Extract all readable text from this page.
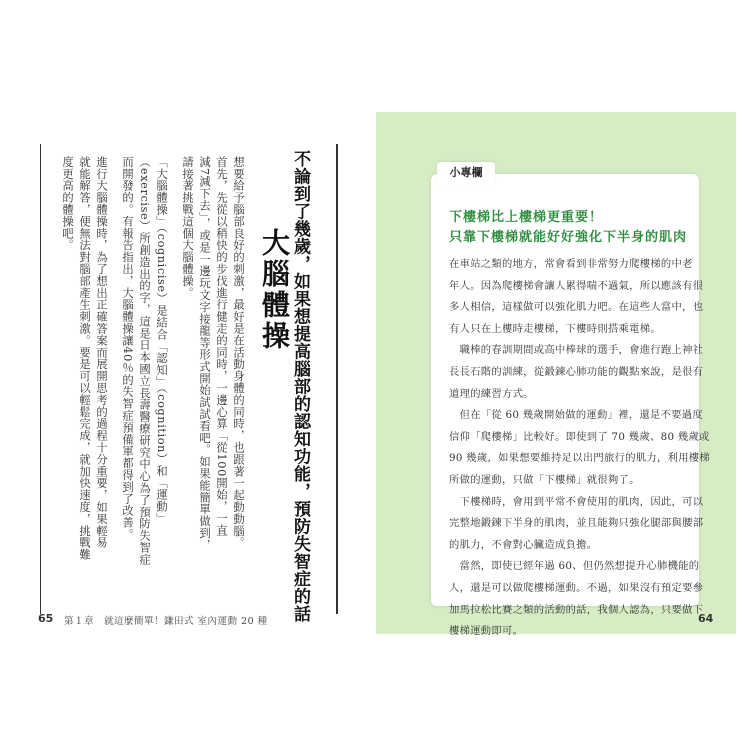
不論到了幾歲，如果想提高腦部的認知功能，預防失智症的話
大腦體操
想要給予腦部良好的刺激，最好是在活動身體的同時，也跟著一起動動腦。
首先，先從以稍快的步伐進行健走的同時，一邊心算「從100開始，一直
減7減下去」，或是一邊玩文字接龍等形式開始試試看吧。如果能簡單做到，
請接著挑戰這個大腦體操。
「大腦體操」（cognicise）是結合「認知」（cognition）和「運動」
（exercise）所創造出的字，這是日本國立長壽醫療研究中心為了預防失智症
而開發的。有報告指出，大腦體操讓40％的失智症預備軍都得到了改善。
進行大腦體操時，為了想出正確答案而展開思考的過程十分重要，如果輕易
就能解答，便無法對腦部產生刺激。要是可以輕鬆完成，就加快速度，挑戰難
度更高的體操吧。
65 第１章　就這麼簡單！鎌田式 室內運動 20 種
小專欄
下樓梯比上樓梯更重要！
只靠下樓梯就能好好強化下半身的肌肉
在車站之類的地方，常會看到非常努力爬樓梯的中老
年人。因為爬樓梯會讓人累得喘不過氣，所以應該有很
多人相信，這樣做可以強化肌力吧。在這些人當中，也
有人只在上樓時走樓梯，下樓時則搭乘電梯。
　職棒的春訓期間或高中棒球的選手，會進行跑上神社
長長石階的訓練，從鍛鍊心肺功能的觀點來說，是很有
道理的練習方式。
　但在「從 60 幾歲開始做的運動」裡，還是不要過度
信仰「爬樓梯」比較好。即使到了 70 幾歲、80 幾歲或
90 幾歲，如果想要維持足以出門旅行的肌力，利用樓梯
所做的運動，只做「下樓梯」就很夠了。
　下樓梯時，會用到平常不會使用的肌肉，因此，可以
完整地鍛鍊下半身的肌肉，並且能夠只強化腿部與腰部
的肌力，不會對心臟造成負擔。
　當然，即使已經年過 60、但仍然想提升心肺機能的
人，還是可以做爬樓梯運動。不過，如果沒有預定要參
加馬拉松比賽之類的活動的話，我個人認為，只要做下
樓梯運動即可。
64
